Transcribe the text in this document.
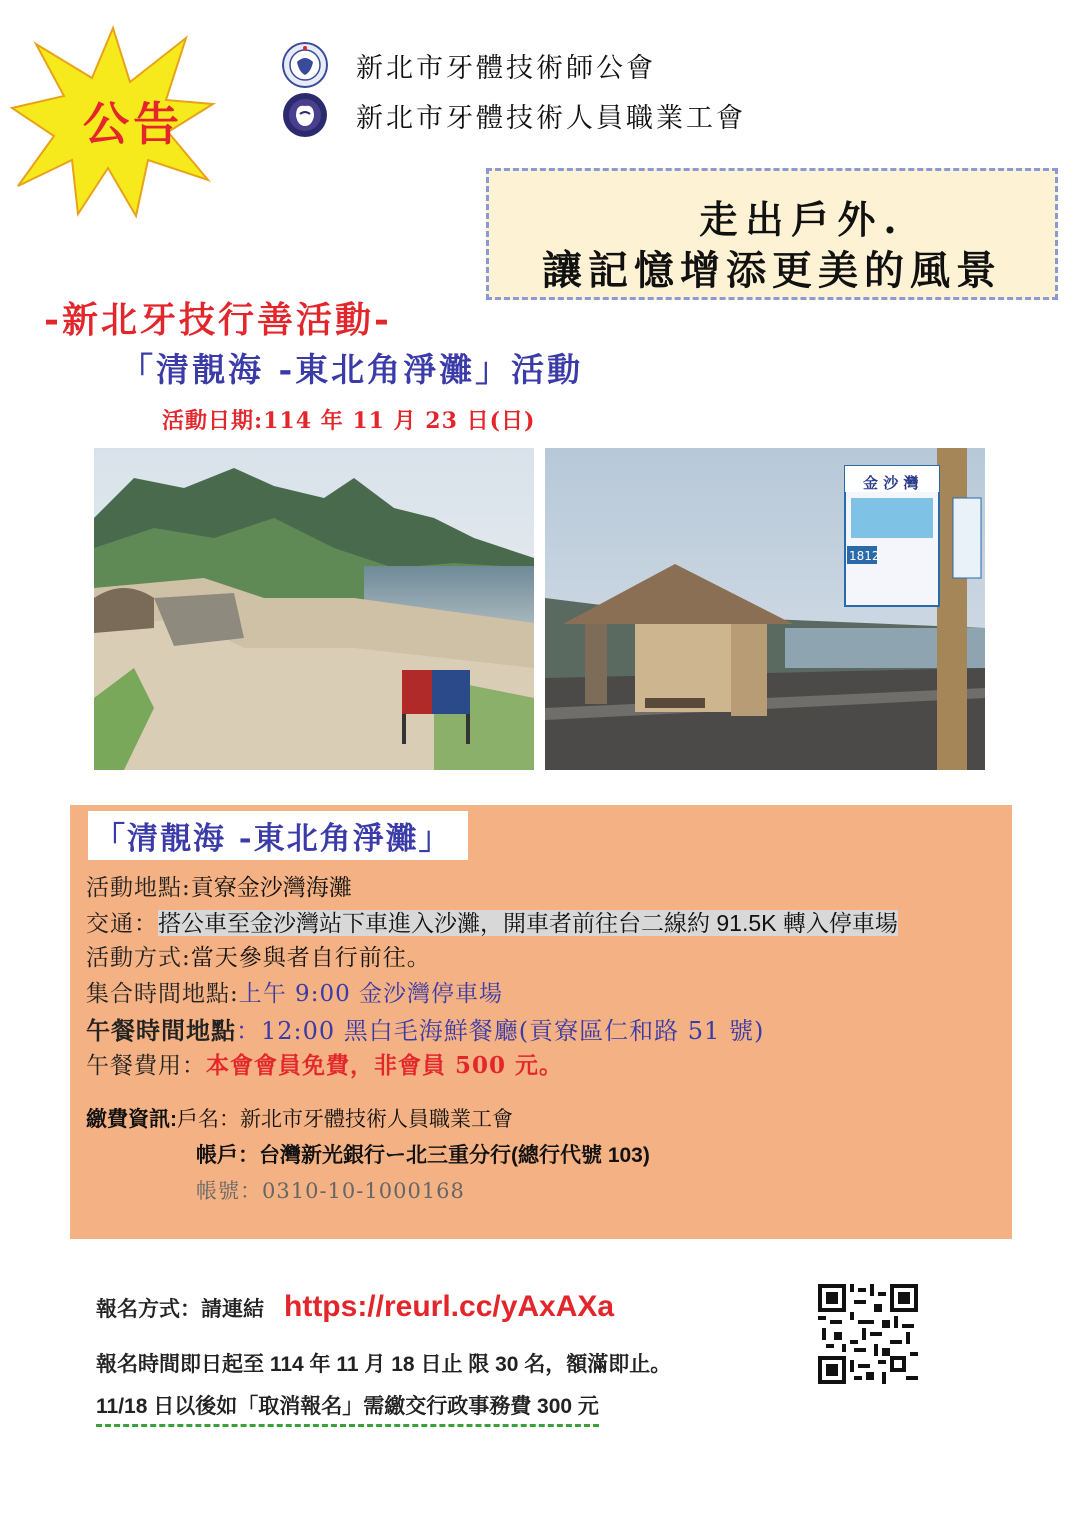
公告
新北市牙體技術師公會
新北市牙體技術人員職業工會
走出戶外.
讓記憶增添更美的風景
-新北牙技行善活動-
「清靚海 -東北角淨灘」活動
活動日期:114 年 11 月 23 日(日)
金 沙 灣
1812
「清靚海 -東北角淨灘」
活動地點:貢寮金沙灣海灘
交通：搭公車至金沙灣站下車進入沙灘，開車者前往台二線約 91.5K 轉入停車場
活動方式:當天參與者自行前往。
集合時間地點:上午 9:00 金沙灣停車場
午餐時間地點：12:00 黑白毛海鮮餐廳(貢寮區仁和路 51 號)
午餐費用：本會會員免費，非會員 500 元。
繳費資訊:戶名：新北市牙體技術人員職業工會
帳戶：台灣新光銀行ー北三重分行(總行代號 103)
帳號：0310-10-1000168
報名方式：請連結 https://reurl.cc/yAxAXa
報名時間即日起至 114 年 11 月 18 日止 限 30 名，額滿即止。
11/18 日以後如「取消報名」需繳交行政事務費 300 元
